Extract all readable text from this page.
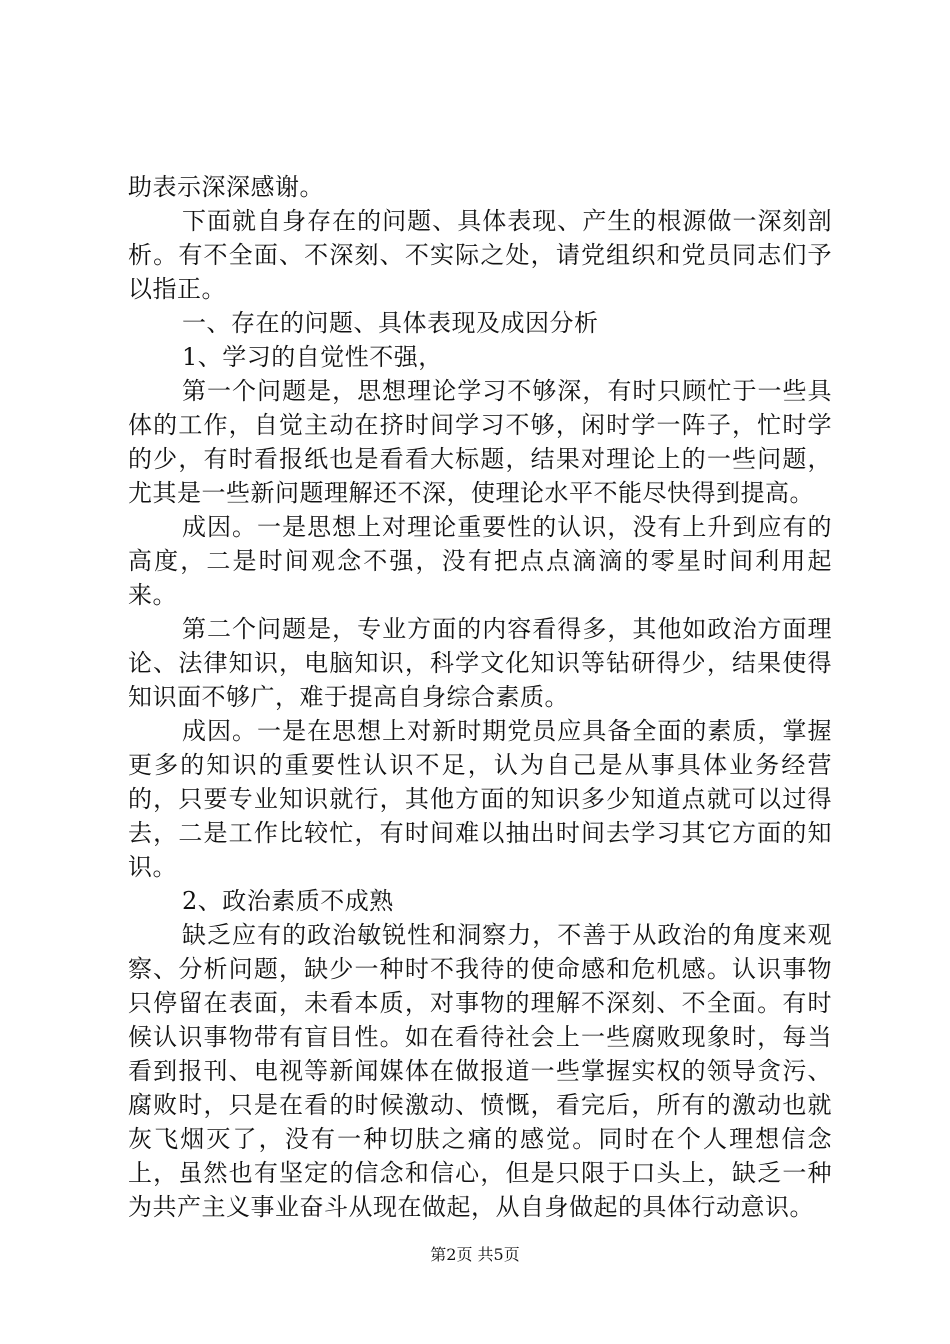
助表示深深感谢。

下面就自身存在的问题、具体表现、产生的根源做一深刻剖析。有不全面、不深刻、不实际之处，请党组织和党员同志们予以指正。

一、存在的问题、具体表现及成因分析

1、学习的自觉性不强，

第一个问题是，思想理论学习不够深，有时只顾忙于一些具体的工作，自觉主动在挤时间学习不够，闲时学一阵子，忙时学的少，有时看报纸也是看看大标题，结果对理论上的一些问题，尤其是一些新问题理解还不深，使理论水平不能尽快得到提高。

成因。一是思想上对理论重要性的认识，没有上升到应有的高度，二是时间观念不强，没有把点点滴滴的零星时间利用起来。

第二个问题是，专业方面的内容看得多，其他如政治方面理论、法律知识，电脑知识，科学文化知识等钻研得少，结果使得知识面不够广，难于提高自身综合素质。

成因。一是在思想上对新时期党员应具备全面的素质，掌握更多的知识的重要性认识不足，认为自己是从事具体业务经营的，只要专业知识就行，其他方面的知识多少知道点就可以过得去，二是工作比较忙，有时间难以抽出时间去学习其它方面的知识。

2、政治素质不成熟

缺乏应有的政治敏锐性和洞察力，不善于从政治的角度来观察、分析问题，缺少一种时不我待的使命感和危机感。认识事物只停留在表面，未看本质，对事物的理解不深刻、不全面。有时候认识事物带有盲目性。如在看待社会上一些腐败现象时，每当看到报刊、电视等新闻媒体在做报道一些掌握实权的领导贪污、腐败时，只是在看的时候激动、愤慨，看完后，所有的激动也就灰飞烟灭了，没有一种切肤之痛的感觉。同时在个人理想信念上，虽然也有坚定的信念和信心，但是只限于口头上，缺乏一种为共产主义事业奋斗从现在做起，从自身做起的具体行动意识。

第2页 共5页
